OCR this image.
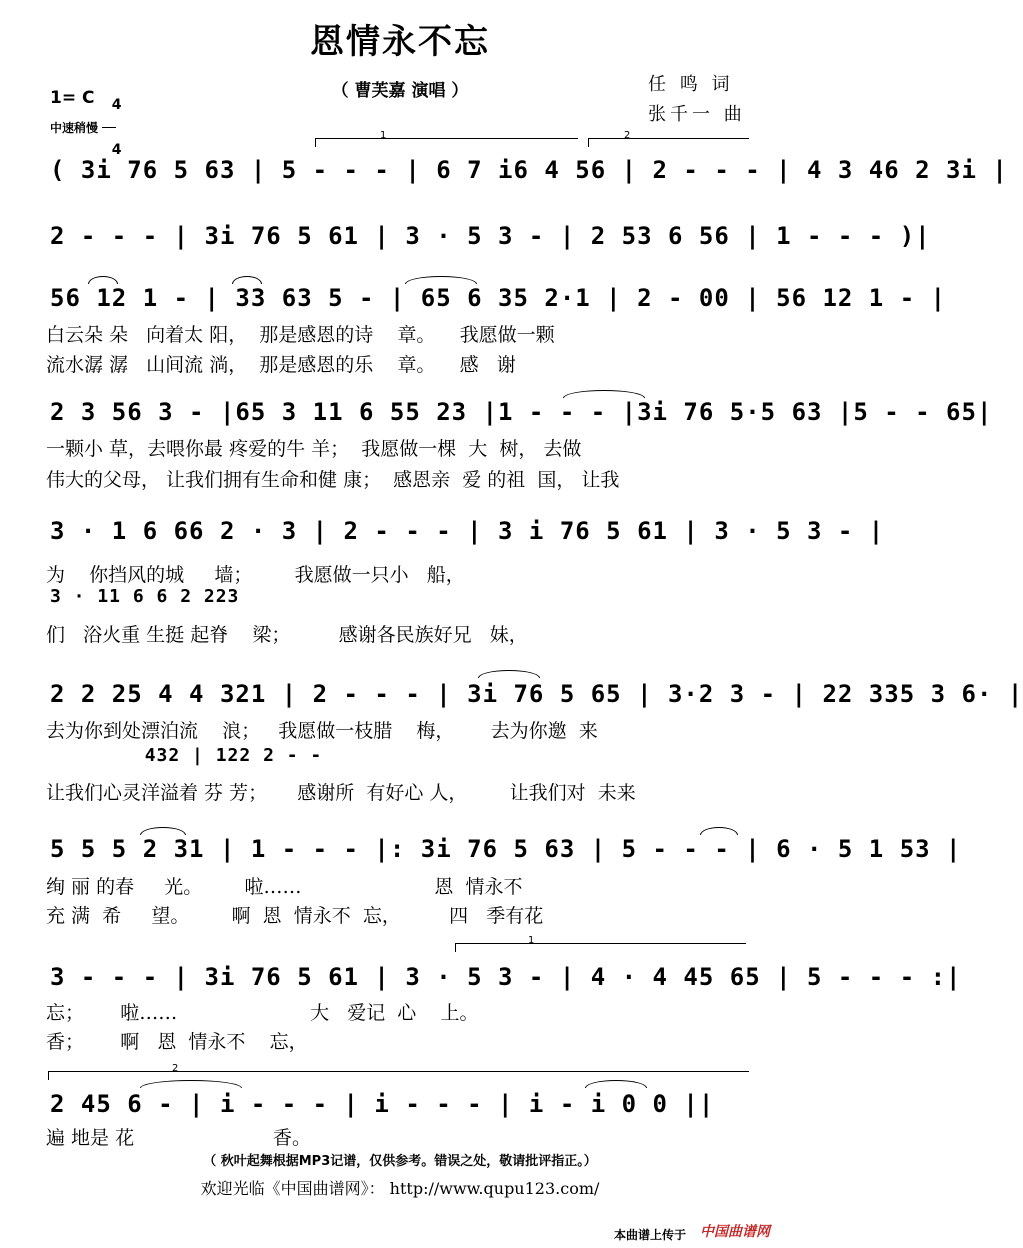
恩情永不忘
（ 曹芙嘉 演唱 ）	任 鸣 词
张千一 曲
1= C	4

4

中速稍慢
1	2
1
2
( 3i 76 5 63 | 5 - - - | 6 7 i6 4 56 | 2 - - - | 4 3 46 2 3i |
2 - - - | 3i 76 5 61 | 3 · 5 3 - | 2 53 6 56 | 1 - - - )|
56 12 1 - | 33 63 5 - | 65 6 35 2·1 | 2 - 00 | 56 12 1 - |
白云朵 朵   向着太 阳，  那是感恩的诗    章。    我愿做一颗
流水潺 潺   山间流 淌，  那是感恩的乐    章。    感   谢
2 3 56 3 - |65 3 11 6 55 23 |1 - - - |3i 76 5·5 63 |5 - - 65|
一颗小 草，去喂你最 疼爱的牛 羊；  我愿做一棵  大  树， 去做
伟大的父母， 让我们拥有生命和健 康；  感恩亲  爱 的祖  国， 让我
3 · 1 6 66 2 · 3 | 2 - - - | 3 i 76 5 61 | 3 · 5 3 - |
为    你挡风的城     墙；       我愿做一只小   船，
3 · 11 6 6 2 223
们   浴火重 生挺 起脊    梁；        感谢各民族好兄   妹，
2 2 25 4 4 321 | 2 - - - | 3i 76 5 65 | 3·2 3 - | 22 335 3 6· |
去为你到处漂泊流    浪；   我愿做一枝腊    梅，      去为你邀  来
432 | 122 2 - -
让我们心灵洋溢着 芬 芳；     感谢所  有好心 人，       让我们对  未来
5 5 5 2 31 | 1 - - - |: 3i 76 5 63 | 5 - - - | 6 · 5 1 53 |
绚 丽 的春     光。       啦……                      恩  情永不
充 满  希     望。       啊  恩  情永不  忘，        四   季有花
3 - - - | 3i 76 5 61 | 3 · 5 3 - | 4 · 4 45 65 | 5 - - - :|
忘；      啦……                      大   爱记  心    上。
香；      啊   恩  情永不    忘，
2 45 6 - | i - - - | i - - - | i - i 0 0 ||
遍 地是 花                       香。
（ 秋叶起舞根据MP3记谱，仅供参考。错误之处，敬请批评指正。）
欢迎光临《中国曲谱网》： http://www.qupu123.com/
本曲谱上传于 中国曲谱网
